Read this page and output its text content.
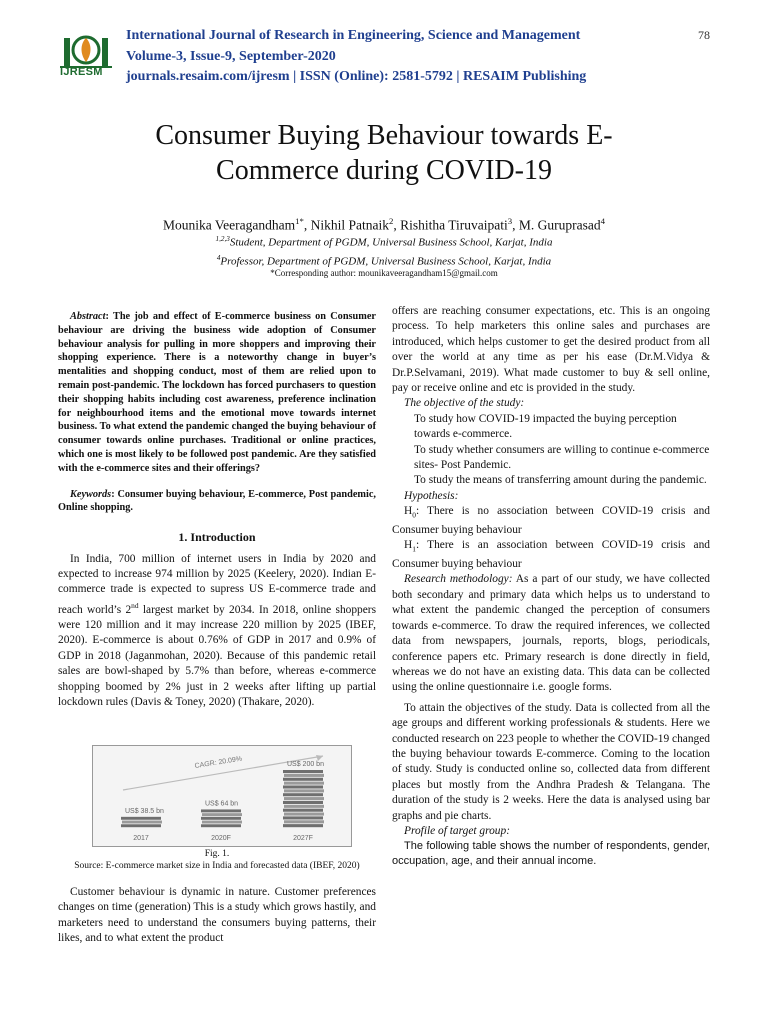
IJRESM
International Journal of Research in Engineering, Science and Management
Volume-3, Issue-9, September-2020
journals.resaim.com/ijresm | ISSN (Online): 2581-5792 | RESAIM Publishing
78
Consumer Buying Behaviour towards E-
Commerce during COVID-19
Mounika Veeragandham$^{1*}$, Nikhil Patnaik$^2$, Rishitha Tiruvaipati$^3$, M. Guruprasad$^4$
$^{1,2,3}$Student, Department of PGDM, Universal Business School, Karjat, India
$^4$Professor, Department of PGDM, Universal Business School, Karjat, India
*Corresponding author: mounikaveeragandham15@gmail.com

Abstract: The job and effect of E-commerce business on Consumer behaviour are driving the business wide adoption of Consumer behaviour analysis for pulling in more shoppers and improving their shopping experience. There is a noteworthy change in buyer’s mentalities and shopping conduct, most of them are relied upon to remain post-pandemic. The lockdown has forced purchasers to question their shopping habits including cost awareness, preference inclination for neighbourhood items and the emotional move towards internet business. To what extend the pandemic changed the buying behaviour of consumer towards online purchases. Traditional or online practices, which one is most likely to be followed post pandemic. Are they satisfied with the e-commerce sites and their offerings?

Keywords: Consumer buying behaviour, E-commerce, Post pandemic, Online shopping.

1. Introduction

In India, 700 million of internet users in India by 2020 and expected to increase 974 million by 2025 (Keelery, 2020). Indian E-commerce trade is expected to supress US E-commerce trade and reach world’s 2nd largest market by 2034. In 2018, online shoppers were 120 million and it may increase 220 million by 2025 (IBEF, 2020). E-commerce is about 0.76% of GDP in 2017 and 0.9% of GDP in 2018 (Jaganmohan, 2020). Because of this pandemic retail sales are bowl-shaped by 5.7% than before, whereas e-commerce shopping boomed by 2% just in 2 weeks after lifting up partial lockdown rules (Davis & Toney, 2020) (Thakare, 2020).

CAGR: 20.09%
US$ 38.5 bn
2017
US$ 64 bn
2020F
US$ 200 bn
2027F
Fig. 1.
Source: E-commerce market size in India and forecasted data (IBEF, 2020)

Customer behaviour is dynamic in nature. Customer preferences changes on time (generation) This is a study which grows hastily, and marketers need to understand the consumers buying patterns, their likes, and to what extent the product

offers are reaching consumer expectations, etc. This is an ongoing process. To help marketers this online sales and purchases are introduced, which helps customer to get the desired product from all over the world at any time as per his ease (Dr.M.Vidya & Dr.P.Selvamani, 2019). What made customer to buy & sell online, pay or receive online and etc is provided in the study.

The objective of the study:

To study how COVID-19 impacted the buying perception towards e-commerce.
To study whether consumers are willing to continue e-commerce sites- Post Pandemic.
To study the means of transferring amount during the pandemic.

Hypothesis:

$H_0$: There is no association between COVID-19 crisis and Consumer buying behaviour

$H_1$: There is an association between COVID-19 crisis and Consumer buying behaviour

Research methodology: As a part of our study, we have collected both secondary and primary data which helps us to understand to what extent the pandemic changed the perception of consumers towards e-commerce. To draw the required inferences, we collected data from newspapers, journals, reports, blogs, periodicals, conference papers etc. Primary research is done directly in field, whereas we do not have an existing data. This data can be collected using the online questionnaire i.e. google forms.

To attain the objectives of the study. Data is collected from all the age groups and different working professionals & students. Here we conducted research on 223 people to whether the COVID-19 changed the buying behaviour towards E-commerce. Coming to the location of study. Study is conducted online so, collected data from different places but mostly from the Andhra Pradesh & Telangana. The duration of the study is 2 weeks. Here the data is analysed using bar graphs and pie charts.

Profile of target group:

The following table shows the number of respondents, gender, occupation, age, and their annual income.
